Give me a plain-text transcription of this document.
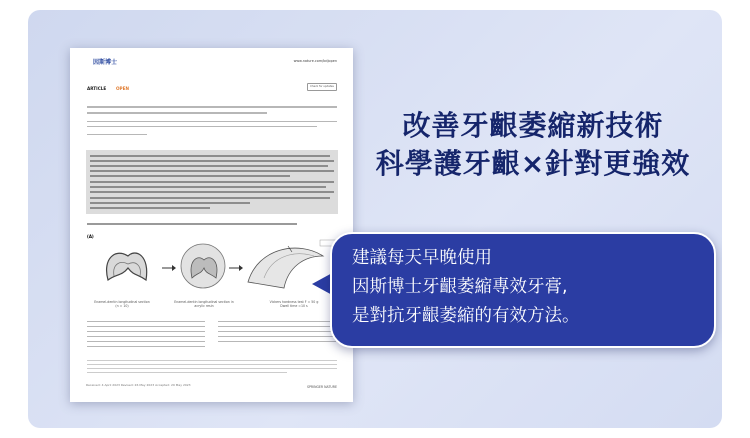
因斯博士	www.nature.com/bdjopen
ARTICLE OPEN	Check for updates
(A)
Enamel-dentin longitudinal section (n = 10)
Enamel-dentin longitudinal section in acrylic resin
Vickers hardness test F = 50 g Dwell time =10 s
Received: 4 April 2023 Revised: 26 May 2023 Accepted: 29 May 2023	SPRINGER NATURE
改善牙齦萎縮新技術
科學護牙齦×針對更強效
建議每天早晚使用
因斯博士牙齦萎縮專效牙膏,
是對抗牙齦萎縮的有效方法。
